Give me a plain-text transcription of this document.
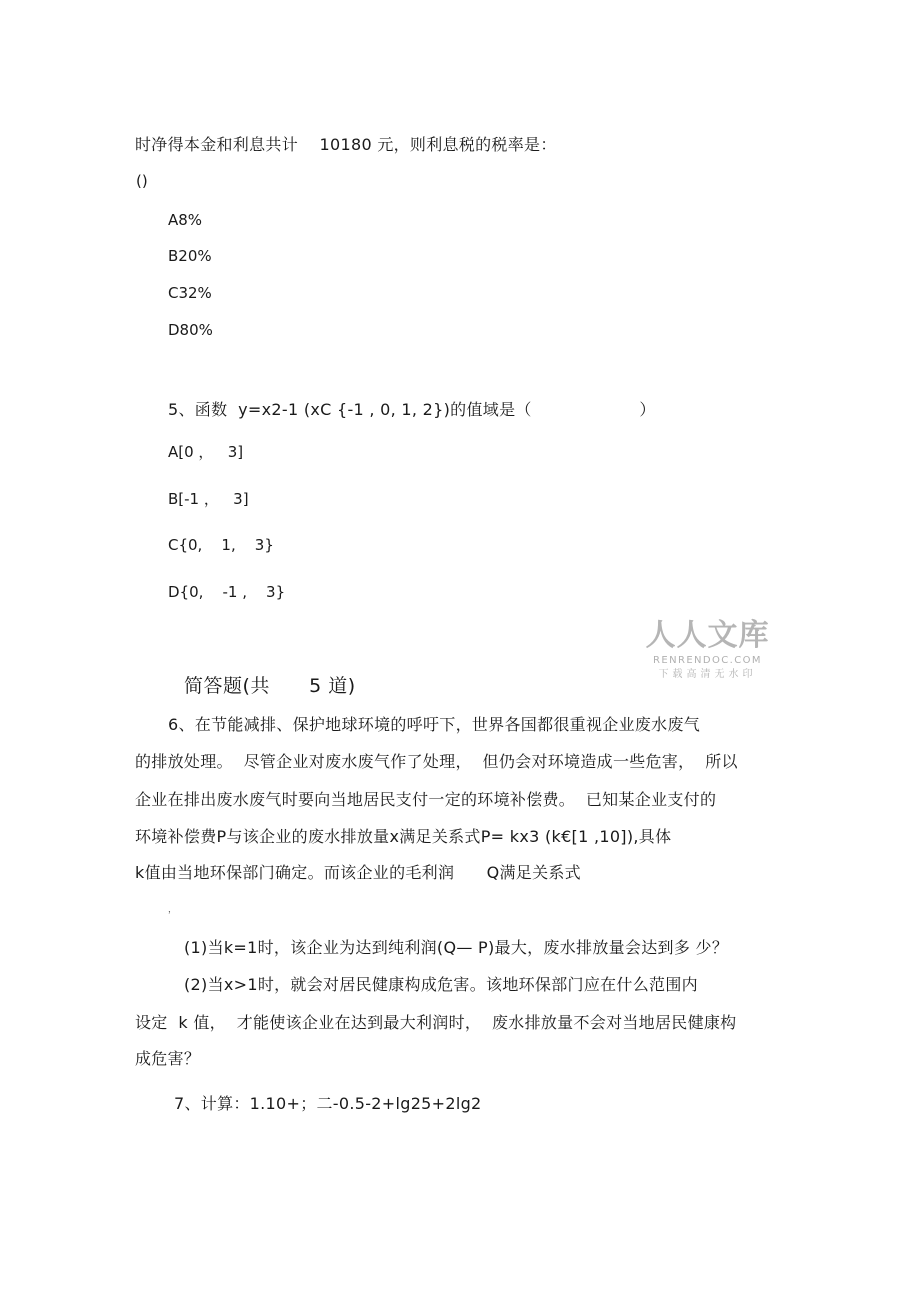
时净得本金和利息共计    10180 元，则利息税的税率是：
()
A8%
B20%
C32%
D80%
5、函数  y=x2-1 (xC {-1 , 0, 1, 2})的值域是（                    ）
A[0 ，   3]
B[-1 ，   3]
C{0,    1,    3}
D{0,    -1 ,    3}
人人文库
RENRENDOC.COM
下载高清无水印
简答题(共      5 道)
6、在节能减排、保护地球环境的呼吁下，世界各国都很重视企业废水废气
的排放处理。  尽管企业对废水废气作了处理，  但仍会对环境造成一些危害，  所以
企业在排出废水废气时要向当地居民支付一定的环境补偿费。  已知某企业支付的
环境补偿费P与该企业的废水排放量x满足关系式P= kx3 (k€[1 ,10]),具体
k值由当地环保部门确定。而该企业的毛利润      Q满足关系式
，
(1)当k=1时，该企业为达到纯利润(Q— P)最大，废水排放量会达到多 少？
(2)当x>1时，就会对居民健康构成危害。该地环保部门应在什么范围内
设定  k 值，  才能使该企业在达到最大利润时，  废水排放量不会对当地居民健康构
成危害？
7、计算：1.10+；二-0.5-2+lg25+2lg2
